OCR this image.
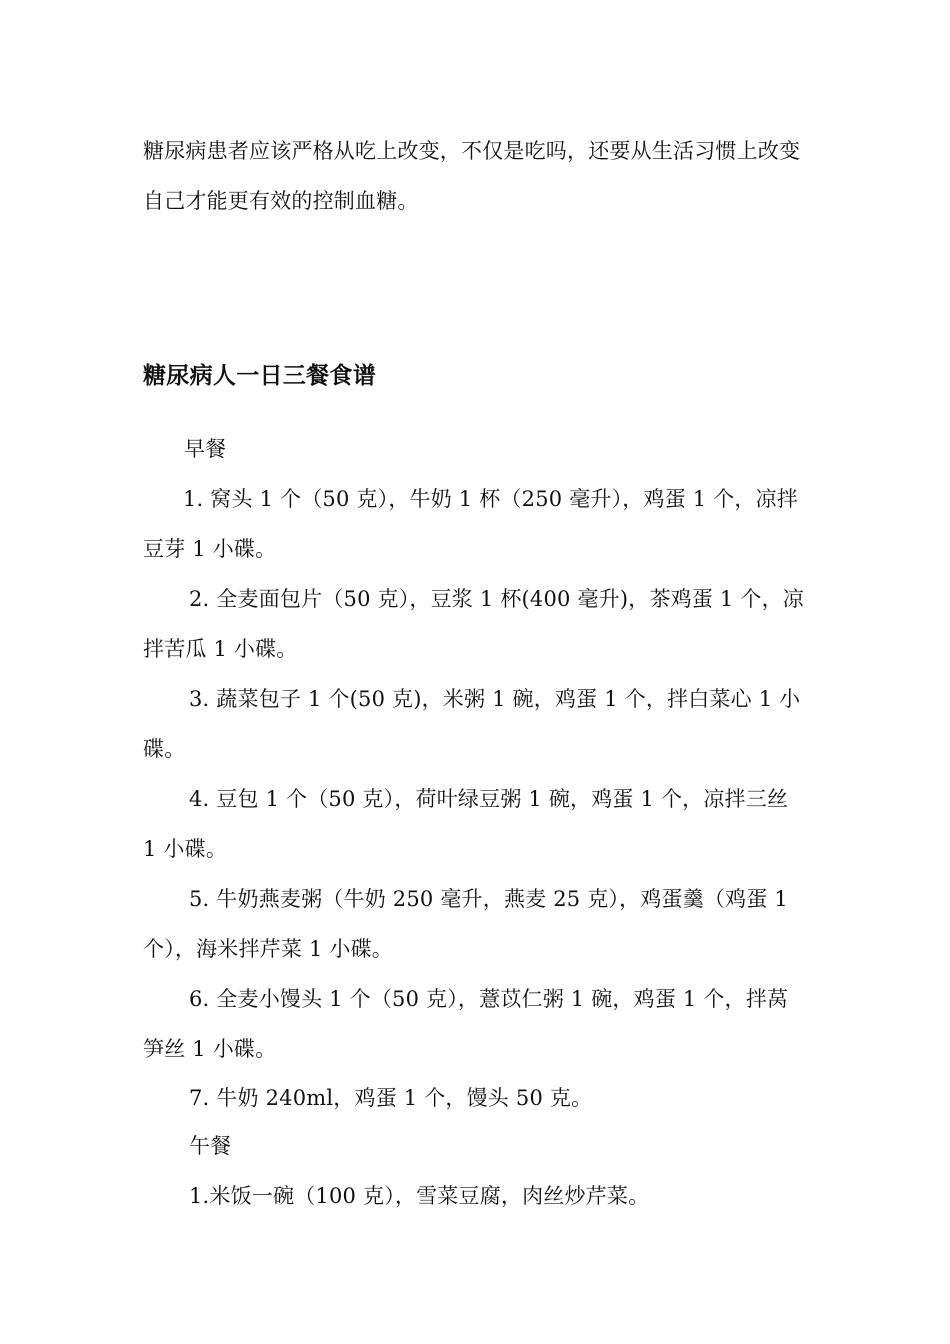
糖尿病患者应该严格从吃上改变，不仅是吃吗，还要从生活习惯上改变自己才能更有效的控制血糖。
糖尿病人一日三餐食谱
早餐
1. 窝头 1 个（50 克），牛奶 1 杯（250 毫升），鸡蛋 1 个，凉拌豆芽 1 小碟。
2. 全麦面包片（50 克），豆浆 1 杯(400 毫升)，茶鸡蛋 1 个，凉拌苦瓜 1 小碟。
3. 蔬菜包子 1 个(50 克)，米粥 1 碗，鸡蛋 1 个，拌白菜心 1 小碟。
4. 豆包 1 个（50 克），荷叶绿豆粥 1 碗，鸡蛋 1 个，凉拌三丝 1 小碟。
5. 牛奶燕麦粥（牛奶 250 毫升，燕麦 25 克），鸡蛋羹（鸡蛋 1 个），海米拌芹菜 1 小碟。
6. 全麦小馒头 1 个（50 克），薏苡仁粥 1 碗，鸡蛋 1 个，拌莴笋丝 1 小碟。
7. 牛奶 240ml，鸡蛋 1 个，馒头 50 克。
午餐
1.米饭一碗（100 克），雪菜豆腐，肉丝炒芹菜。
